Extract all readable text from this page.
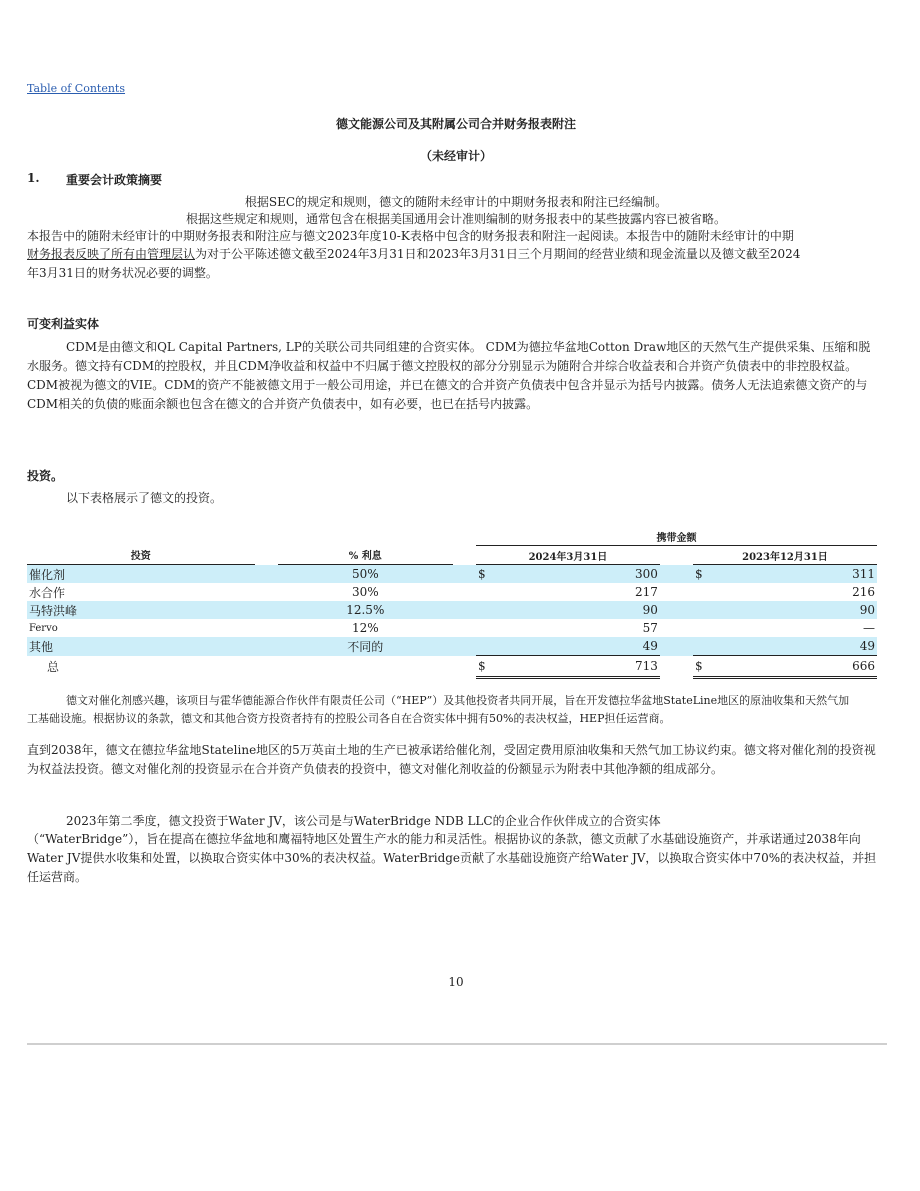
Table of Contents
德文能源公司及其附属公司合并财务报表附注
（未经审计）
1. 重要会计政策摘要
根据SEC的规定和规则，德文的随附未经审计的中期财务报表和附注已经编制。
根据这些规定和规则，通常包含在根据美国通用会计准则编制的财务报表中的某些披露内容已被省略。
本报告中的随附未经审计的中期财务报表和附注应与德文2023年度10-K表格中包含的财务报表和附注一起阅读。本报告中的随附未经审计的中期
财务报表反映了所有由管理层认为对于公平陈述德文截至2024年3月31日和2023年3月31日三个月期间的经营业绩和现金流量以及德文截至2024
年3月31日的财务状况必要的调整。
可变利益实体
CDM是由德文和QL Capital Partners, LP的关联公司共同组建的合资实体。 CDM为德拉华盆地Cotton Draw地区的天然气生产提供采集、压缩和脱水服务。德文持有CDM的控股权，并且CDM净收益和权益中不归属于德文控股权的部分分别显示为随附合并综合收益表和合并资产负债表中的非控股权益。CDM被视为德文的VIE。CDM的资产不能被德文用于一般公司用途，并已在德文的合并资产负债表中包含并显示为括号内披露。债务人无法追索德文资产的与CDM相关的负债的账面余额也包含在德文的合并资产负债表中，如有必要，也已在括号内披露。
投资。
以下表格展示了德文的投资。
				携带金额		
投资		% 利息		2024年3月31日		2023年12月31日
催化剂		50%		$ 300		$ 311
水合作		30%		217		216
马特洪峰		12.5%		90		90
Fervo		12%		57		—
其他		不同的		49		49
总				$ 713		$ 666
德文对催化剂感兴趣，该项目与霍华德能源合作伙伴有限责任公司（“HEP”）及其他投资者共同开展，旨在开发德拉华盆地StateLine地区的原油收集和天然气加工基础设施。根据协议的条款，德文和其他合资方投资者持有的控股公司各自在合资实体中拥有50%的表决权益，HEP担任运营商。
直到2038年，德文在德拉华盆地Stateline地区的5万英亩土地的生产已被承诺给催化剂，受固定费用原油收集和天然气加工协议约束。德文将对催化剂的投资视为权益法投资。德文对催化剂的投资显示在合并资产负债表的投资中，德文对催化剂收益的份额显示为附表中其他净额的组成部分。
2023年第二季度，德文投资于Water JV，该公司是与WaterBridge NDB LLC的企业合作伙伴成立的合资实体
（“WaterBridge”），旨在提高在德拉华盆地和鹰福特地区处置生产水的能力和灵活性。根据协议的条款，德文贡献了水基础设施资产，并承诺通过2038年向Water JV提供水收集和处置，以换取合资实体中30%的表决权益。WaterBridge贡献了水基础设施资产给Water JV，以换取合资实体中70%的表决权益，并担任运营商。
10
